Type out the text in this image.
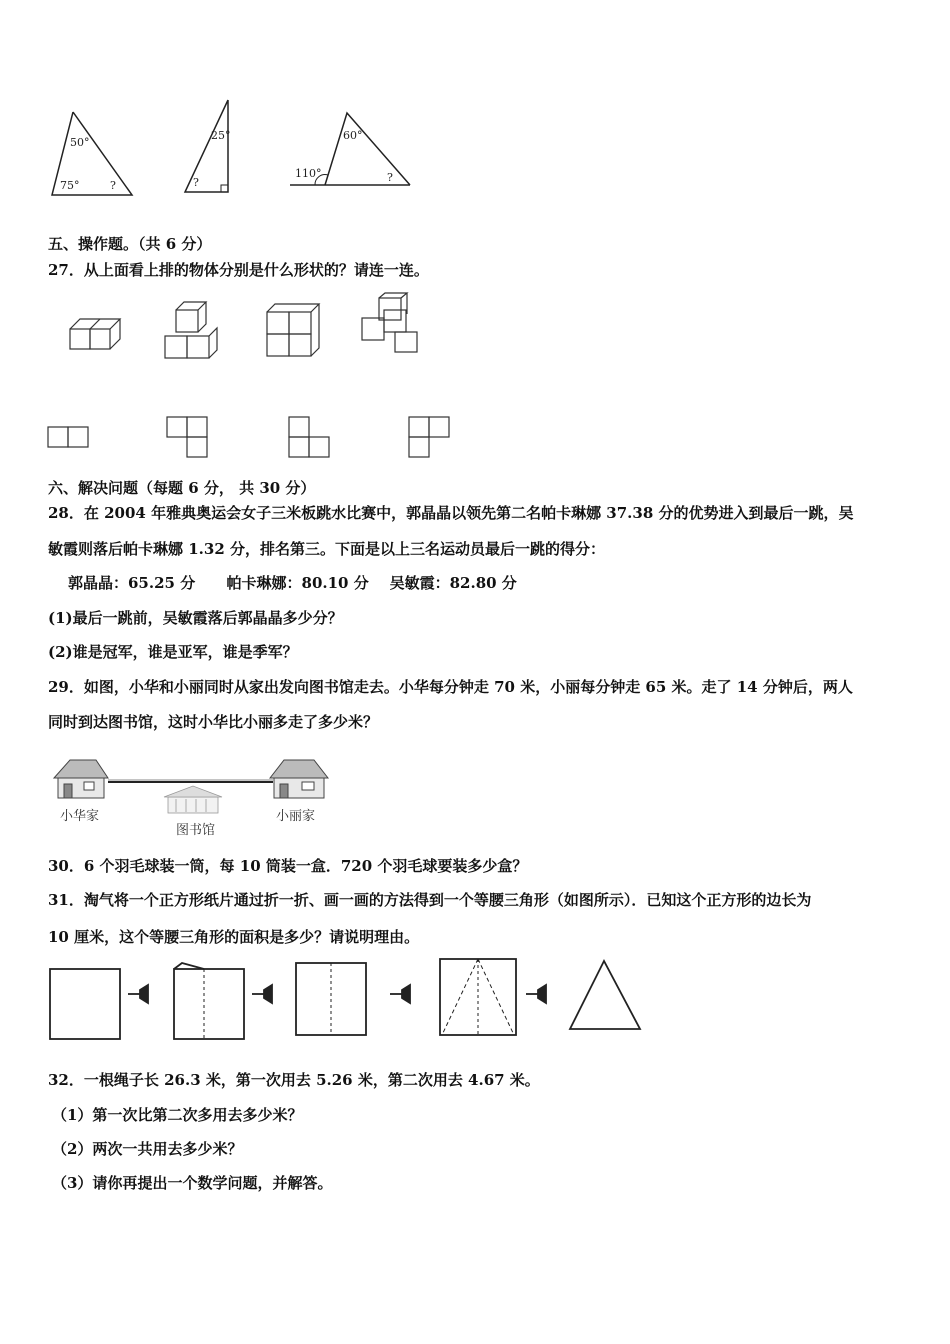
50°
75°	?
25°
?
60°
110°	?
五、操作题。（共 6 分）
27．从上面看上排的物体分别是什么形状的？请连一连。
六、解决问题（每题 6 分， 共 30 分）
28．在 2004 年雅典奥运会女子三米板跳水比赛中，郭晶晶以领先第二名帕卡琳娜 37.38 分的优势进入到最后一跳，吴
敏霞则落后帕卡琳娜 1.32 分，排名第三。下面是以上三名运动员最后一跳的得分：
郭晶晶：65.25 分      帕卡琳娜：80.10 分    吴敏霞：82.80 分
(1)最后一跳前，吴敏霞落后郭晶晶多少分？
(2)谁是冠军，谁是亚军，谁是季军？
29．如图，小华和小丽同时从家出发向图书馆走去。小华每分钟走 70 米，小丽每分钟走 65 米。走了 14 分钟后，两人
同时到达图书馆，这时小华比小丽多走了多少米？
小华家
图书馆
小丽家
30．6 个羽毛球装一筒，每 10 筒装一盒．720 个羽毛球要装多少盒？
31．淘气将一个正方形纸片通过折一折、画一画的方法得到一个等腰三角形（如图所示）．已知这个正方形的边长为
10 厘米，这个等腰三角形的面积是多少？请说明理由。
32．一根绳子长 26.3 米，第一次用去 5.26 米，第二次用去 4.67 米。
（1）第一次比第二次多用去多少米？
（2）两次一共用去多少米？
（3）请你再提出一个数学问题，并解答。
